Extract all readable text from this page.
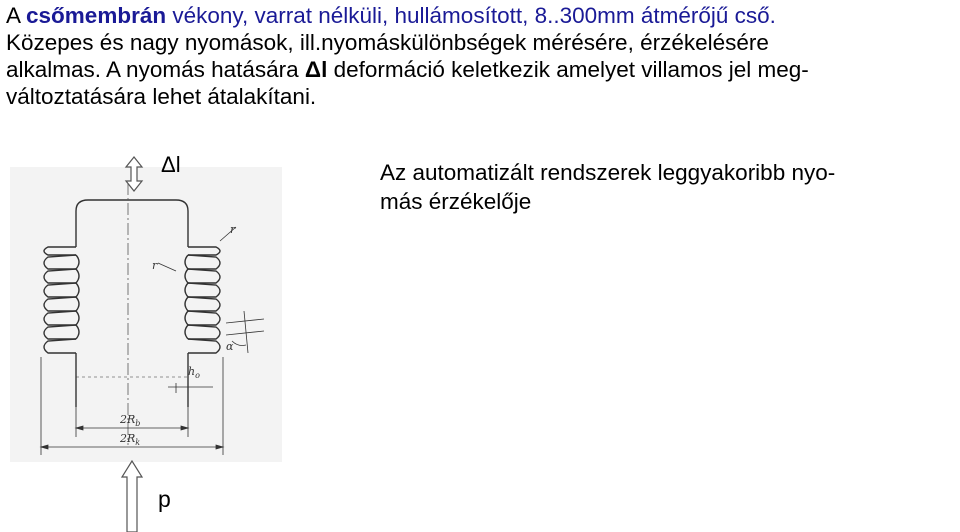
A csőmembrán vékony, varrat nélküli, hullámosított, 8..300mm átmérőjű cső.
Közepes és nagy nyomások, ill.nyomáskülönbségek mérésére, érzékelésére
alkalmas. A nyomás hatására Δl deformáció keletkezik amelyet villamos jel meg-
változtatására lehet átalakítani.
Az automatizált rendszerek leggyakoribb nyo-
más érzékelője
r
r
α
$h_o$
$2R_b$
$2R_k$
Δl
p
